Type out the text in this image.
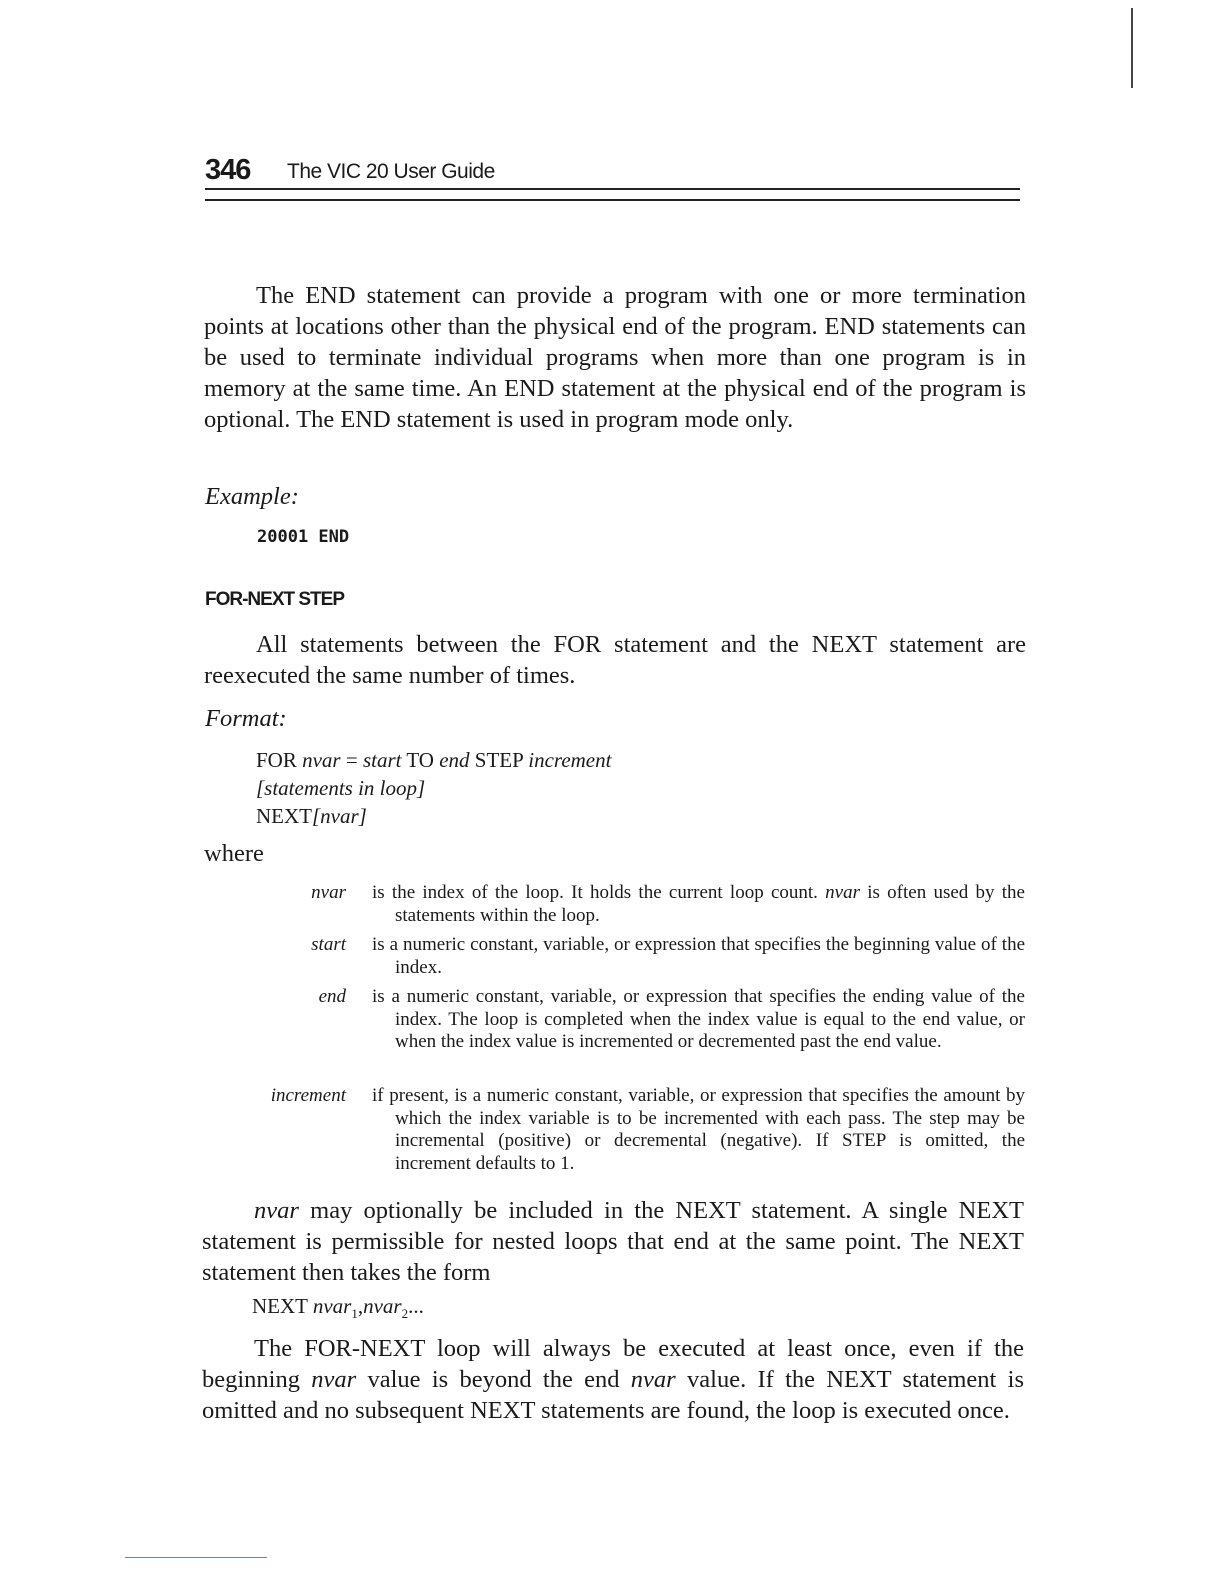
346 The VIC 20 User Guide

The END statement can provide a program with one or more termination points at locations other than the physical end of the program. END statements can be used to terminate individual programs when more than one program is in memory at the same time. An END statement at the physical end of the program is optional. The END statement is used in program mode only.

Example:
20001 END
FOR-NEXT STEP

All statements between the FOR statement and the NEXT statement are reexecuted the same number of times.

Format:
FOR nvar = start TO end STEP increment
[statements in loop]
NEXT[nvar]
where
nvar is the index of the loop. It holds the current loop count. nvar is often used by the statements within the loop.
start is a numeric constant, variable, or expression that specifies the beginning value of the index.
end is a numeric constant, variable, or expression that specifies the ending value of the index. The loop is completed when the index value is equal to the end value, or when the index value is incremented or decremented past the end value.
increment if present, is a numeric constant, variable, or expression that specifies the amount by which the index variable is to be incremented with each pass. The step may be incremental (positive) or decremental (negative). If STEP is omitted, the increment defaults to 1.

nvar may optionally be included in the NEXT statement. A single NEXT statement is permissible for nested loops that end at the same point. The NEXT statement then takes the form

NEXT nvar$_1$,nvar$_2$...

The FOR-NEXT loop will always be executed at least once, even if the beginning nvar value is beyond the end nvar value. If the NEXT statement is omitted and no subsequent NEXT statements are found, the loop is executed once.
